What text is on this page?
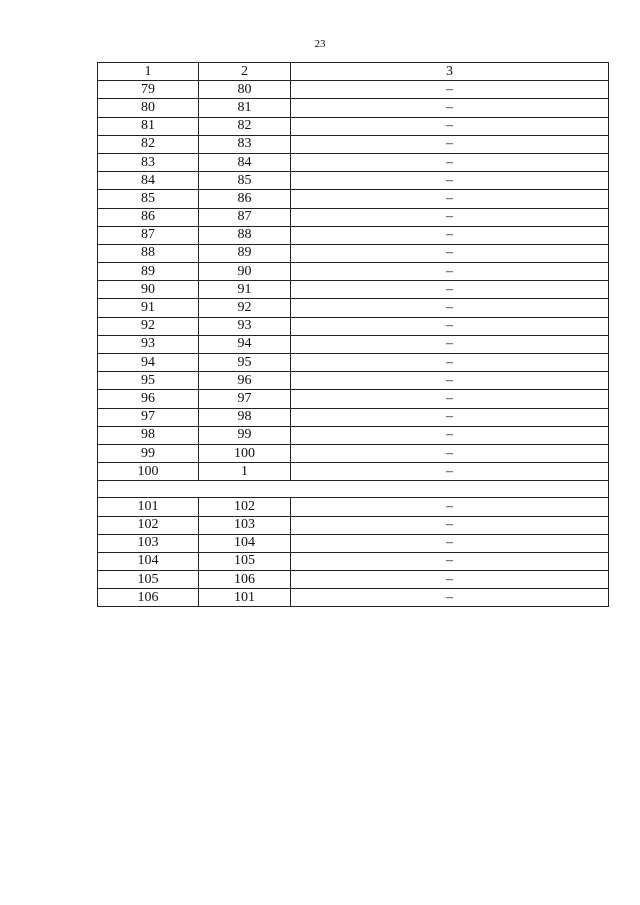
23
1	2	3
79	80	–
80	81	–
81	82	–
82	83	–
83	84	–
84	85	–
85	86	–
86	87	–
87	88	–
88	89	–
89	90	–
90	91	–
91	92	–
92	93	–
93	94	–
94	95	–
95	96	–
96	97	–
97	98	–
98	99	–
99	100	–
100	1	–

101	102	–
102	103	–
103	104	–
104	105	–
105	106	–
106	101	–
